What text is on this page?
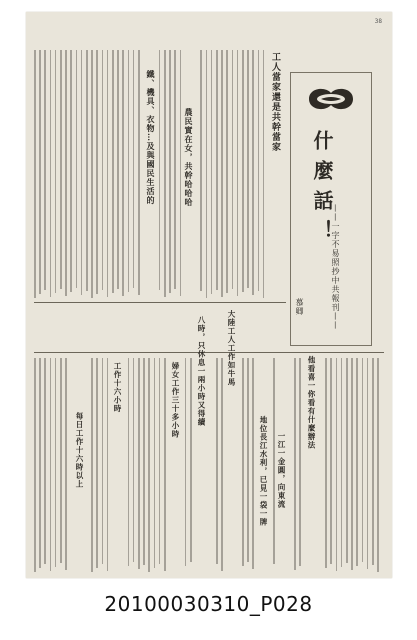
38
什麼話！
——一字不易照抄中共報刊——
慕卿
工人當家還是共幹當家
農民實在女，共幹哈哈哈
鐵、機具、衣物…及與國民生活的
八時，只休息一兩小時又得續
婦女工作三十多小時
每日工作十六時以上
大陸工人工作如牛馬
一江一金圓，向東流
地位長江水利，已見一袋一牌
他看喜一你看有什麼辦法
工作十六小時
20100030310_P028
